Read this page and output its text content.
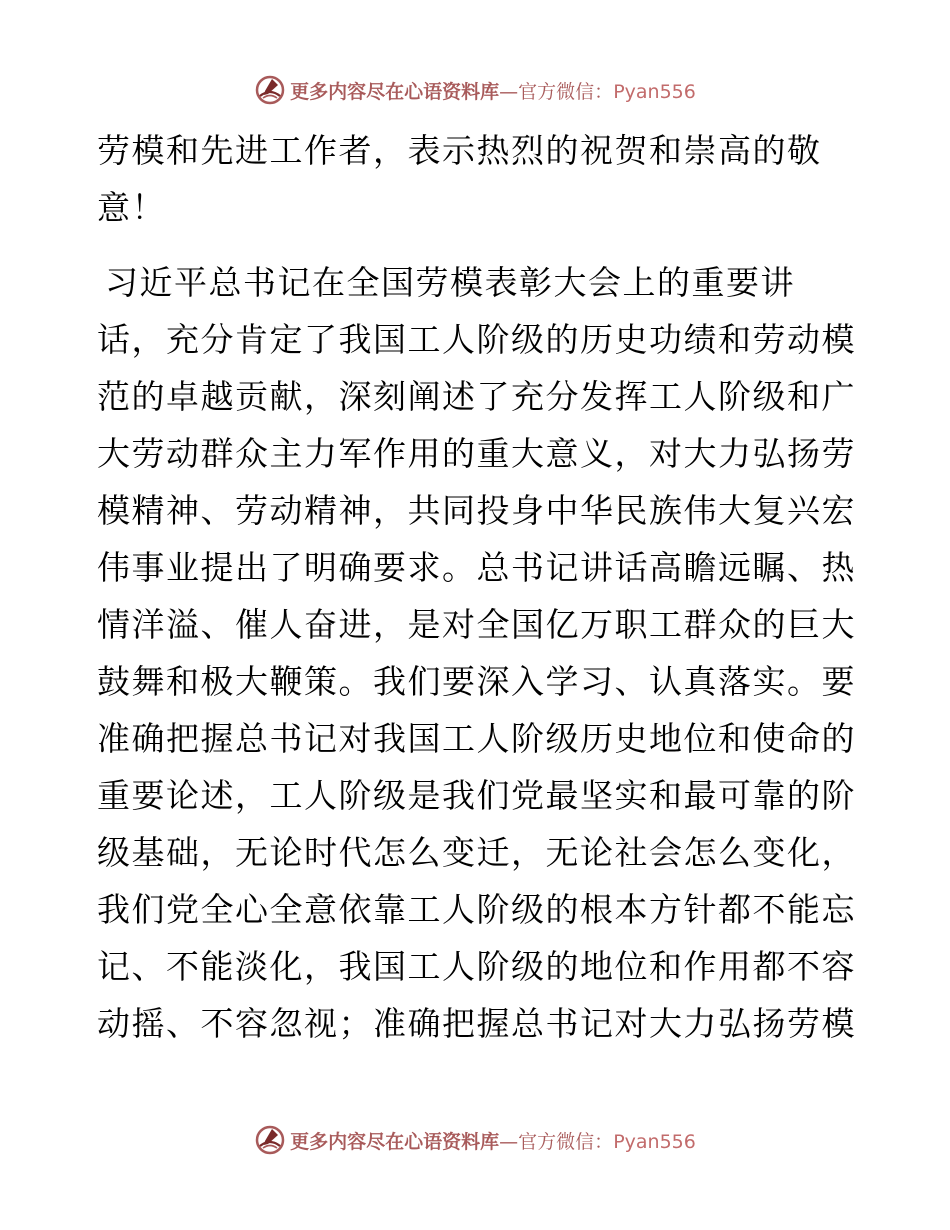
更多内容尽在心语资料库—官方微信：Pyan556
劳模和先进工作者，表示热烈的祝贺和崇高的敬
意！
习近平总书记在全国劳模表彰大会上的重要讲
话，充分肯定了我国工人阶级的历史功绩和劳动模
范的卓越贡献，深刻阐述了充分发挥工人阶级和广
大劳动群众主力军作用的重大意义，对大力弘扬劳
模精神、劳动精神，共同投身中华民族伟大复兴宏
伟事业提出了明确要求。总书记讲话高瞻远瞩、热
情洋溢、催人奋进，是对全国亿万职工群众的巨大
鼓舞和极大鞭策。我们要深入学习、认真落实。要
准确把握总书记对我国工人阶级历史地位和使命的
重要论述，工人阶级是我们党最坚实和最可靠的阶
级基础，无论时代怎么变迁，无论社会怎么变化，
我们党全心全意依靠工人阶级的根本方针都不能忘
记、不能淡化，我国工人阶级的地位和作用都不容
动摇、不容忽视；准确把握总书记对大力弘扬劳模
更多内容尽在心语资料库—官方微信：Pyan556
